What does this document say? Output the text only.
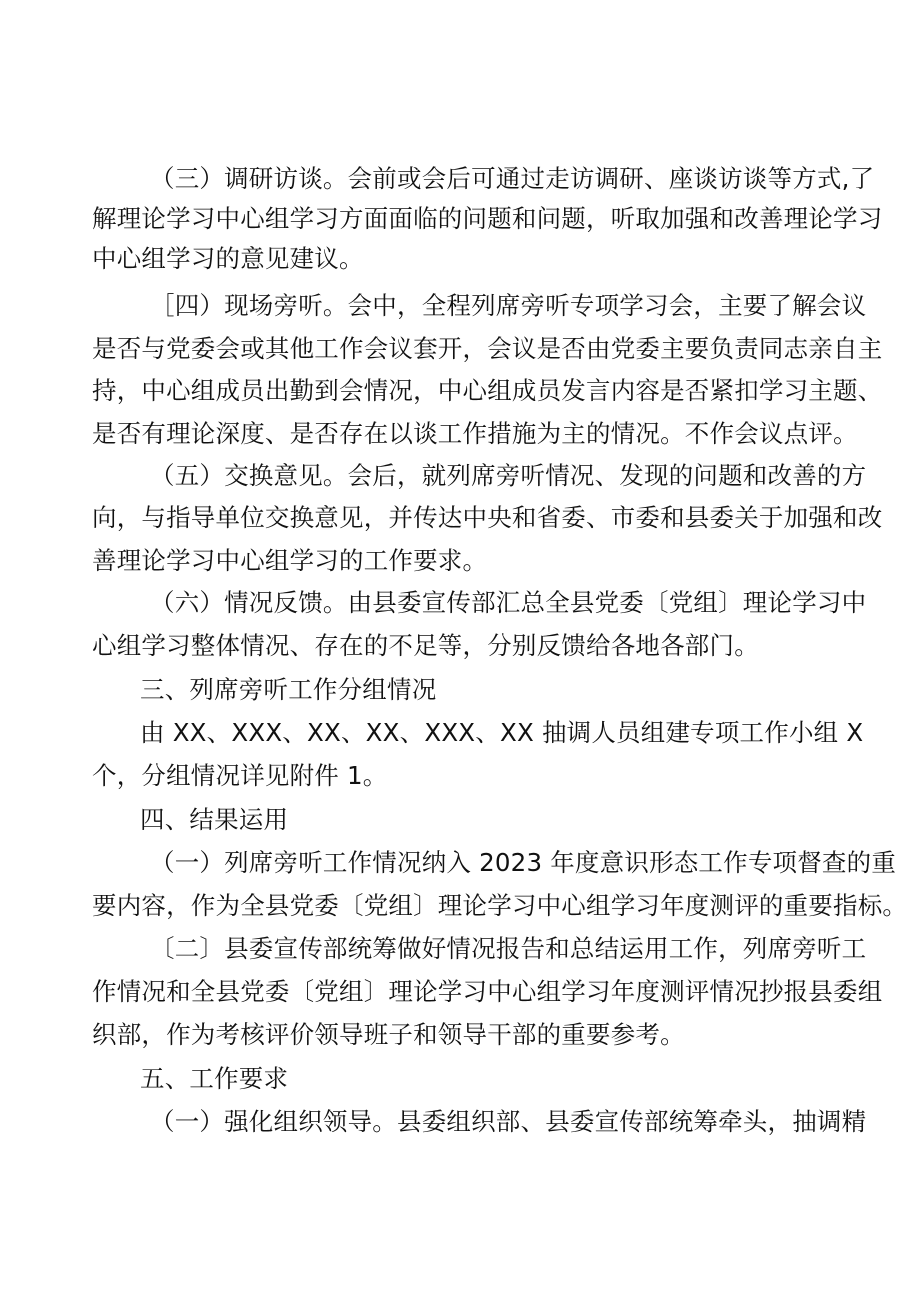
（三）调研访谈。会前或会后可通过走访调研、座谈访谈等方式,了

解理论学习中心组学习方面面临的问题和问题，听取加强和改善理论学习

中心组学习的意见建议。

［四）现场旁听。会中，全程列席旁听专项学习会，主要了解会议

是否与党委会或其他工作会议套开，会议是否由党委主要负责同志亲自主

持，中心组成员出勤到会情况，中心组成员发言内容是否紧扣学习主题、

是否有理论深度、是否存在以谈工作措施为主的情况。不作会议点评。

（五）交换意见。会后，就列席旁听情况、发现的问题和改善的方

向，与指导单位交换意见，并传达中央和省委、市委和县委关于加强和改

善理论学习中心组学习的工作要求。

（六）情况反馈。由县委宣传部汇总全县党委〔党组〕理论学习中

心组学习整体情况、存在的不足等，分别反馈给各地各部门。

三、列席旁听工作分组情况

由 XX、XXX、XX、XX、XXX、XX 抽调人员组建专项工作小组 X

个，分组情况详见附件 1。

四、结果运用

（一）列席旁听工作情况纳入 2023 年度意识形态工作专项督查的重

要内容，作为全县党委〔党组〕理论学习中心组学习年度测评的重要指标。

〔二〕县委宣传部统筹做好情况报告和总结运用工作，列席旁听工

作情况和全县党委〔党组〕理论学习中心组学习年度测评情况抄报县委组

织部，作为考核评价领导班子和领导干部的重要参考。

五、工作要求

（一）强化组织领导。县委组织部、县委宣传部统筹牵头，抽调精
